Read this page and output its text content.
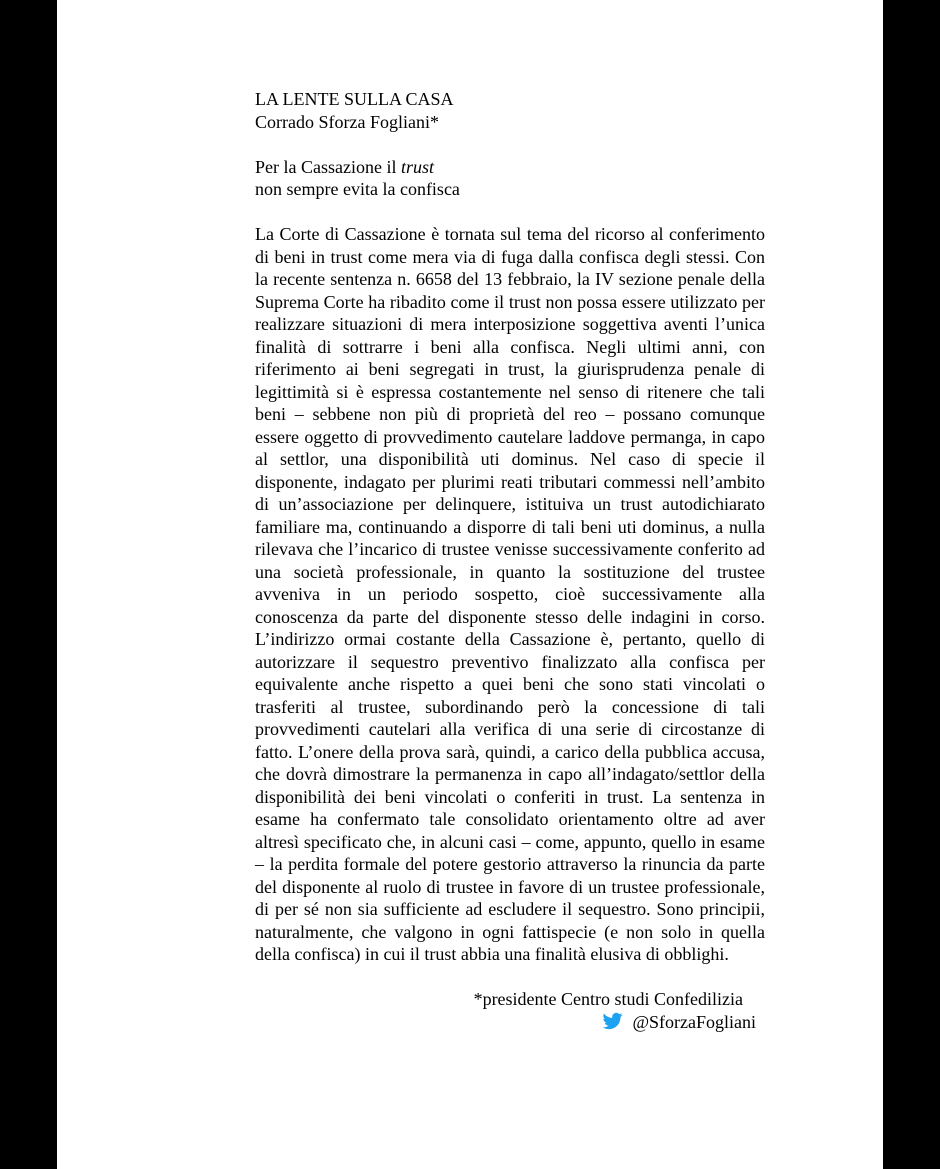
LA LENTE SULLA CASA
Corrado Sforza Fogliani*
Per la Cassazione il trust
non sempre evita la confisca

La Corte di Cassazione è tornata sul tema del ricorso al conferimento di beni in trust come mera via di fuga dalla confisca degli stessi. Con la recente sentenza n. 6658 del 13 febbraio, la IV sezione penale della Suprema Corte ha ribadito come il trust non possa essere utilizzato per realizzare situazioni di mera interposizione soggettiva aventi l’unica finalità di sottrarre i beni alla confisca. Negli ultimi anni, con riferimento ai beni segregati in trust, la giurisprudenza penale di legittimità si è espressa costantemente nel senso di ritenere che tali beni – sebbene non più di proprietà del reo – possano comunque essere oggetto di provvedimento cautelare laddove permanga, in capo al settlor, una disponibilità uti dominus. Nel caso di specie il disponente, indagato per plurimi reati tributari commessi nell’ambito di un’associazione per delinquere, istituiva un trust autodichiarato familiare ma, continuando a disporre di tali beni uti dominus, a nulla rilevava che l’incarico di trustee venisse successivamente conferito ad una società professionale, in quanto la sostituzione del trustee avveniva in un periodo sospetto, cioè successivamente alla conoscenza da parte del disponente stesso delle indagini in corso. L’indirizzo ormai costante della Cassazione è, pertanto, quello di autorizzare il sequestro preventivo finalizzato alla confisca per equivalente anche rispetto a quei beni che sono stati vincolati o trasferiti al trustee, subordinando però la concessione di tali provvedimenti cautelari alla verifica di una serie di circostanze di fatto. L’onere della prova sarà, quindi, a carico della pubblica accusa, che dovrà dimostrare la permanenza in capo all’indagato/settlor della disponibilità dei beni vincolati o conferiti in trust. La sentenza in esame ha confermato tale consolidato orientamento oltre ad aver altresì specificato che, in alcuni casi – come, appunto, quello in esame – la perdita formale del potere gestorio attraverso la rinuncia da parte del disponente al ruolo di trustee in favore di un trustee professionale, di per sé non sia sufficiente ad escludere il sequestro. Sono principii, naturalmente, che valgono in ogni fattispecie (e non solo in quella della confisca) in cui il trust abbia una finalità elusiva di obblighi.

*presidente Centro studi Confedilizia
@SforzaFogliani
